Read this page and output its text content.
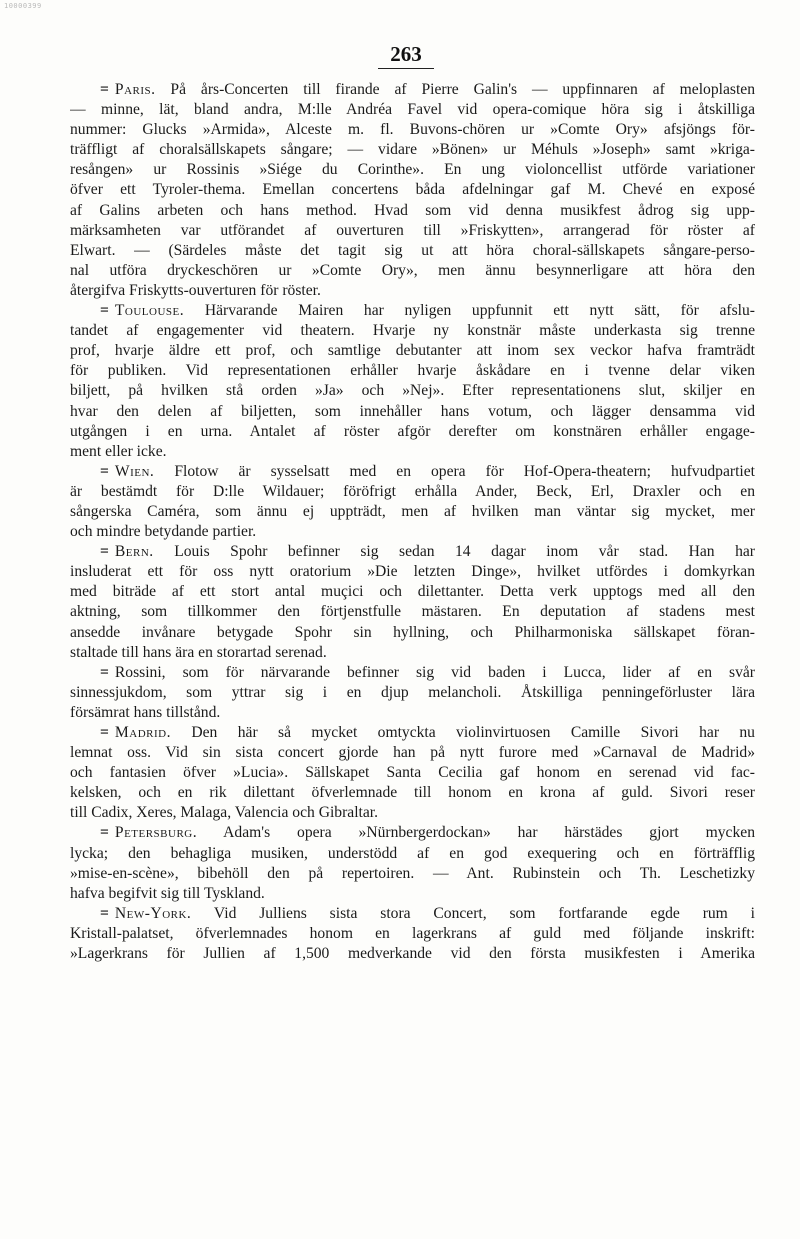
10000399
263
= Paris. På års-Concerten till firande af Pierre Galin's — uppfinnaren af meloplasten
— minne, lät, bland andra, M:lle Andréa Favel vid opera-comique höra sig i åtskilliga
nummer: Glucks »Armida», Alceste m. fl. Buvons-chören ur »Comte Ory» afsjöngs för-
träffligt af choralsällskapets sångare; — vidare »Bönen» ur Méhuls »Joseph» samt »kriga-
resången» ur Rossinis »Siége du Corinthe». En ung violoncellist utförde variationer
öfver ett Tyroler-thema. Emellan concertens båda afdelningar gaf M. Chevé en exposé
af Galins arbeten och hans method. Hvad som vid denna musikfest ådrog sig upp-
märksamheten var utförandet af ouverturen till »Friskytten», arrangerad för röster af
Elwart. — (Särdeles måste det tagit sig ut att höra choral-sällskapets sångare-perso-
nal utföra dryckeschören ur »Comte Ory», men ännu besynnerligare att höra den
återgifva Friskytts-ouverturen för röster.
= Toulouse. Härvarande Mairen har nyligen uppfunnit ett nytt sätt, för afslu-
tandet af engagementer vid theatern. Hvarje ny konstnär måste underkasta sig trenne
prof, hvarje äldre ett prof, och samtlige debutanter att inom sex veckor hafva framträdt
för publiken. Vid representationen erhåller hvarje åskådare en i tvenne delar viken
biljett, på hvilken stå orden »Ja» och »Nej». Efter representationens slut, skiljer en
hvar den delen af biljetten, som innehåller hans votum, och lägger densamma vid
utgången i en urna. Antalet af röster afgör derefter om konstnären erhåller engage-
ment eller icke.
= Wien. Flotow är sysselsatt med en opera för Hof-Opera-theatern; hufvudpartiet
är bestämdt för D:lle Wildauer; föröfrigt erhålla Ander, Beck, Erl, Draxler och en
sångerska Caméra, som ännu ej uppträdt, men af hvilken man väntar sig mycket, mer
och mindre betydande partier.
= Bern. Louis Spohr befinner sig sedan 14 dagar inom vår stad. Han har
insluderat ett för oss nytt oratorium »Die letzten Dinge», hvilket utfördes i domkyrkan
med biträde af ett stort antal muçici och dilettanter. Detta verk upptogs med all den
aktning, som tillkommer den förtjenstfulle mästaren. En deputation af stadens mest
ansedde invånare betygade Spohr sin hyllning, och Philharmoniska sällskapet föran-
staltade till hans ära en storartad serenad.
= Rossini, som för närvarande befinner sig vid baden i Lucca, lider af en svår
sinnessjukdom, som yttrar sig i en djup melancholi. Åtskilliga penningeförluster lära
försämrat hans tillstånd.
= Madrid. Den här så mycket omtyckta violinvirtuosen Camille Sivori har nu
lemnat oss. Vid sin sista concert gjorde han på nytt furore med »Carnaval de Madrid»
och fantasien öfver »Lucia». Sällskapet Santa Cecilia gaf honom en serenad vid fac-
kelsken, och en rik dilettant öfverlemnade till honom en krona af guld. Sivori reser
till Cadix, Xeres, Malaga, Valencia och Gibraltar.
= Petersburg. Adam's opera »Nürnbergerdockan» har härstädes gjort mycken
lycka; den behagliga musiken, understödd af en god exequering och en förträfflig
»mise-en-scène», bibehöll den på repertoiren. — Ant. Rubinstein och Th. Leschetizky
hafva begifvit sig till Tyskland.
= New-York. Vid Julliens sista stora Concert, som fortfarande egde rum i
Kristall-palatset, öfverlemnades honom en lagerkrans af guld med följande inskrift:
»Lagerkrans för Jullien af 1,500 medverkande vid den första musikfesten i Amerika
